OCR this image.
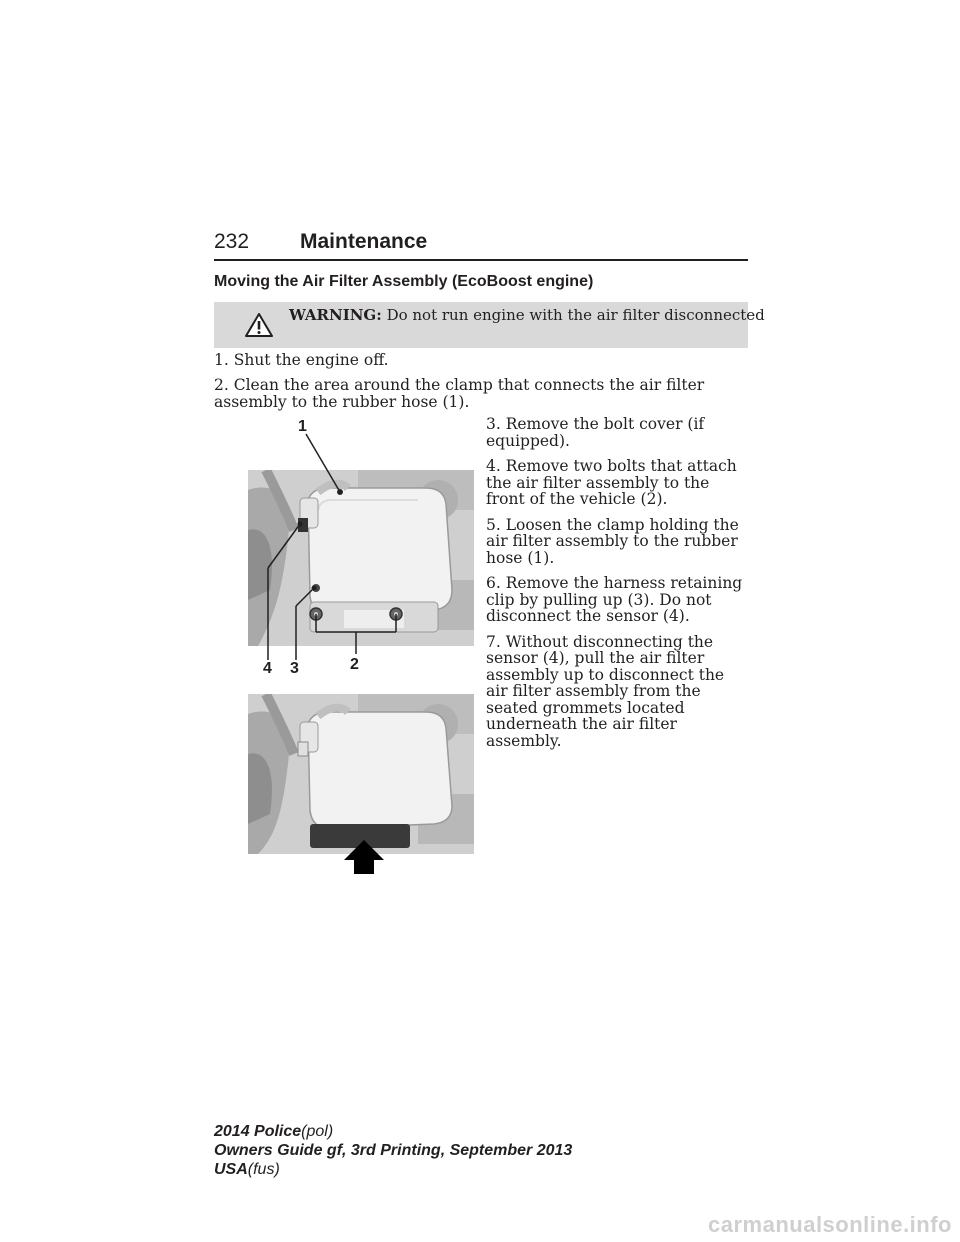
232 Maintenance
Moving the Air Filter Assembly (EcoBoost engine)
WARNING: Do not run engine with the air filter disconnected
1. Shut the engine off.
2. Clean the area around the clamp that connects the air filter assembly to the rubber hose (1).

3. Remove the bolt cover (if equipped).

4. Remove two bolts that attach the air filter assembly to the front of the vehicle (2).

5. Loosen the clamp holding the air filter assembly to the rubber hose (1).

6. Remove the harness retaining clip by pulling up (3). Do not disconnect the sensor (4).

7. Without disconnecting the sensor (4), pull the air filter assembly up to disconnect the air filter assembly from the seated grommets located underneath the air filter assembly.

1
4 3	2
2014 Police(pol)
Owners Guide gf, 3rd Printing, September 2013
USA(fus)
carmanualsonline.info
